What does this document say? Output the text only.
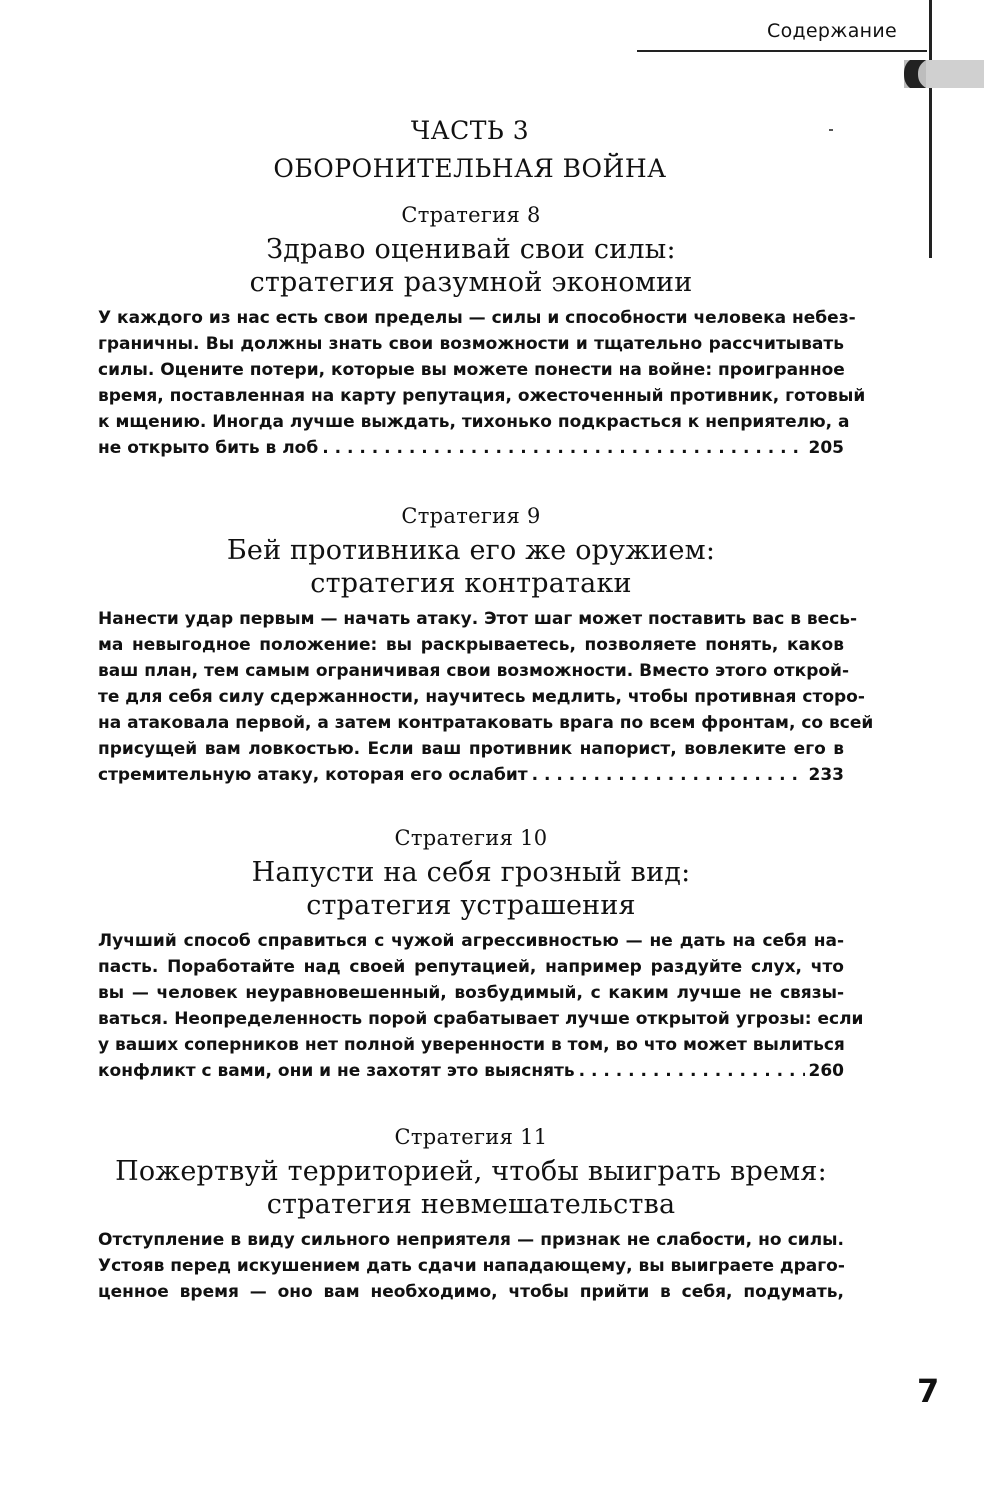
Содержание
ЧАСТЬ 3
ОБОРОНИТЕЛЬНАЯ ВОЙНА
Стратегия 8
Здраво оценивай свои силы:
стратегия разумной экономии
У каждого из нас есть свои пределы — силы и способности человека небез-
граничны. Вы должны знать свои возможности и тщательно рассчитывать
силы. Оцените потери, которые вы можете понести на войне: проигранное
время, поставленная на карту репутация, ожесточенный противник, готовый
к мщению. Иногда лучше выждать, тихонько подкрасться к неприятелю, а
не открыто бить в лоб . . .	205
Стратегия 9
Бей противника его же оружием:
стратегия контратаки
Нанести удар первым — начать атаку. Этот шаг может поставить вас в весь-
ма невыгодное положение: вы раскрываетесь, позволяете понять, каков
ваш план, тем самым ограничивая свои возможности. Вместо этого открой-
те для себя силу сдержанности, научитесь медлить, чтобы противная сторо-
на атаковала первой, а затем контратаковать врага по всем фронтам, со всей
присущей вам ловкостью. Если ваш противник напорист, вовлеките его в
стремительную атаку, которая его ослабит . . .	233
Стратегия 10
Напусти на себя грозный вид:
стратегия устрашения
Лучший способ справиться с чужой агрессивностью — не дать на себя на-
пасть. Поработайте над своей репутацией, например раздуйте слух, что
вы — человек неуравновешенный, возбудимый, с каким лучше не связы-
ваться. Неопределенность порой срабатывает лучше открытой угрозы: если
у ваших соперников нет полной уверенности в том, во что может вылиться
конфликт с вами, они и не захотят это выяснять . . .	260
Стратегия 11
Пожертвуй территорией, чтобы выиграть время:
стратегия невмешательства
Отступление в виду сильного неприятеля — признак не слабости, но силы.
Устояв перед искушением дать сдачи нападающему, вы выиграете драго-
ценное время — оно вам необходимо, чтобы прийти в себя, подумать,
7
